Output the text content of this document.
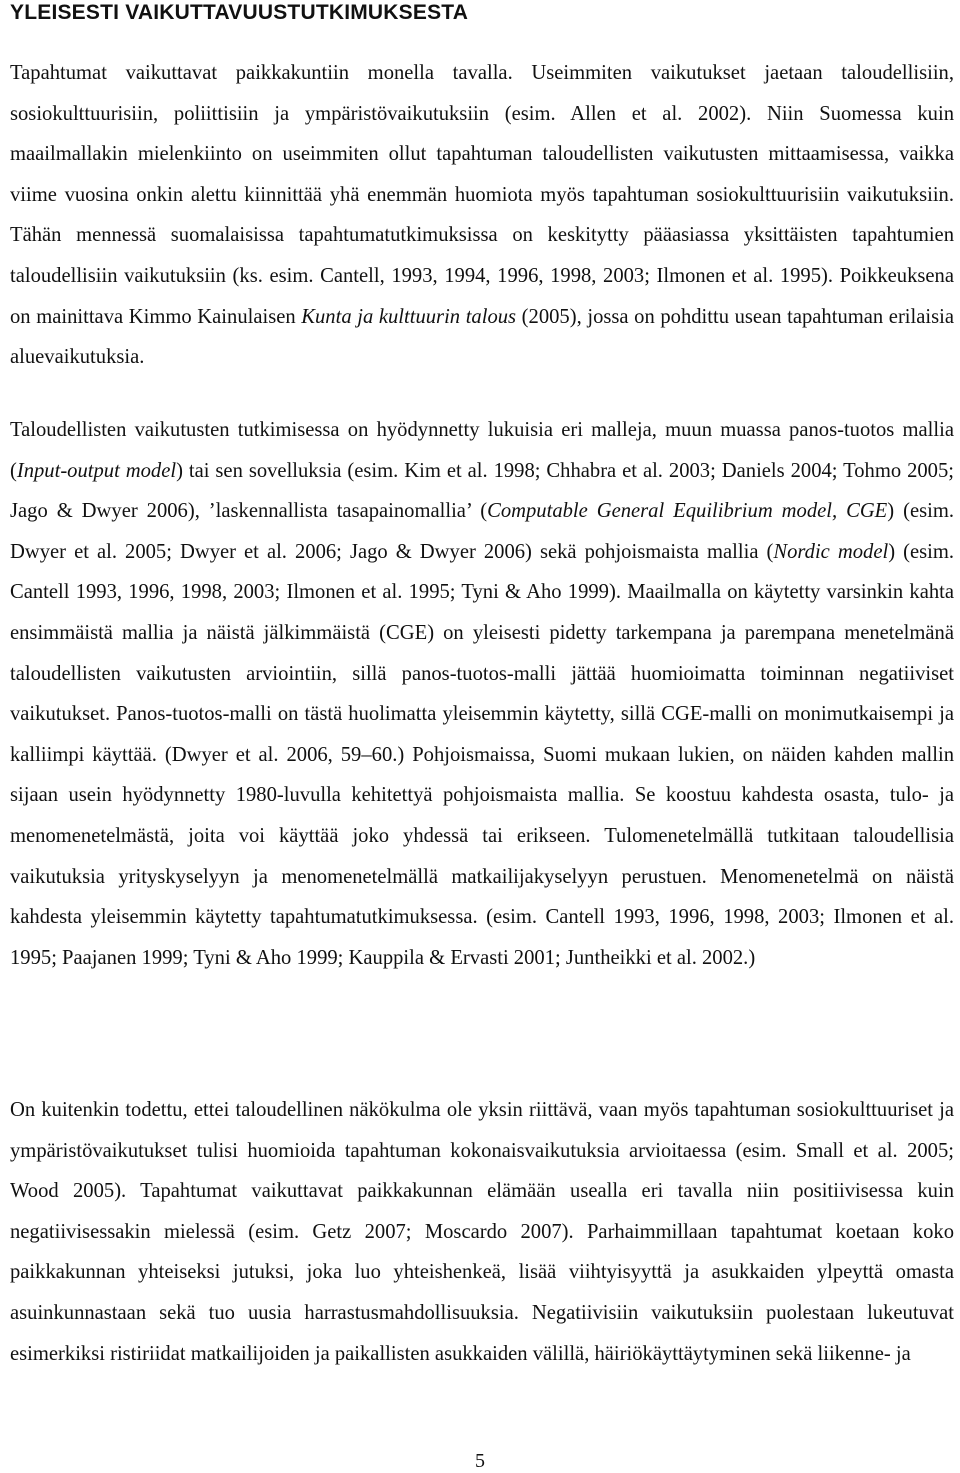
YLEISESTI VAIKUTTAVUUSTUTKIMUKSESTA

Tapahtumat vaikuttavat paikkakuntiin monella tavalla. Useimmiten vaikutukset jaetaan taloudellisiin, sosiokulttuurisiin, poliittisiin ja ympäristövaikutuksiin (esim. Allen et al. 2002). Niin Suomessa kuin maailmallakin mielenkiinto on useimmiten ollut tapahtuman taloudellisten vaikutusten mittaamisessa, vaikka viime vuosina onkin alettu kiinnittää yhä enemmän huomiota myös tapahtuman sosiokulttuurisiin vaikutuksiin. Tähän mennessä suomalaisissa tapahtumatutkimuksissa on keskitytty pääasiassa yksittäisten tapahtumien taloudellisiin vaikutuksiin (ks. esim. Cantell, 1993, 1994, 1996, 1998, 2003; Ilmonen et al. 1995). Poikkeuksena on mainittava Kimmo Kainulaisen Kunta ja kulttuurin talous (2005), jossa on pohdittu usean tapahtuman erilaisia aluevaikutuksia.

Taloudellisten vaikutusten tutkimisessa on hyödynnetty lukuisia eri malleja, muun muassa panos-tuotos mallia (Input-output model) tai sen sovelluksia (esim. Kim et al. 1998; Chhabra et al. 2003; Daniels 2004; Tohmo 2005; Jago & Dwyer 2006), ’laskennallista tasapainomallia’ (Computable General Equilibrium model, CGE) (esim. Dwyer et al. 2005; Dwyer et al. 2006; Jago & Dwyer 2006) sekä pohjoismaista mallia (Nordic model) (esim. Cantell 1993, 1996, 1998, 2003; Ilmonen et al. 1995; Tyni & Aho 1999). Maailmalla on käytetty varsinkin kahta ensimmäistä mallia ja näistä jälkimmäistä (CGE) on yleisesti pidetty tarkempana ja parempana menetelmänä taloudellisten vaikutusten arviointiin, sillä panos-tuotos-malli jättää huomioimatta toiminnan negatiiviset vaikutukset. Panos-tuotos-malli on tästä huolimatta yleisemmin käytetty, sillä CGE-malli on monimutkaisempi ja kalliimpi käyttää. (Dwyer et al. 2006, 59–60.) Pohjoismaissa, Suomi mukaan lukien, on näiden kahden mallin sijaan usein hyödynnetty 1980-luvulla kehitettyä pohjoismaista mallia. Se koostuu kahdesta osasta, tulo- ja menomenetelmästä, joita voi käyttää joko yhdessä tai erikseen. Tulomenetelmällä tutkitaan taloudellisia vaikutuksia yrityskyselyyn ja menomenetelmällä matkailijakyselyyn perustuen. Menomenetelmä on näistä kahdesta yleisemmin käytetty tapahtumatutkimuksessa. (esim. Cantell 1993, 1996, 1998, 2003; Ilmonen et al. 1995; Paajanen 1999; Tyni & Aho 1999; Kauppila & Ervasti 2001; Juntheikki et al. 2002.)

On kuitenkin todettu, ettei taloudellinen näkökulma ole yksin riittävä, vaan myös tapahtuman sosiokulttuuriset ja ympäristövaikutukset tulisi huomioida tapahtuman kokonaisvaikutuksia arvioitaessa (esim. Small et al. 2005; Wood 2005). Tapahtumat vaikuttavat paikkakunnan elämään usealla eri tavalla niin positiivisessa kuin negatiivisessakin mielessä (esim. Getz 2007; Moscardo 2007). Parhaimmillaan tapahtumat koetaan koko paikkakunnan yhteiseksi jutuksi, joka luo yhteishenkeä, lisää viihtyisyyttä ja asukkaiden ylpeyttä omasta asuinkunnastaan sekä tuo uusia harrastusmahdollisuuksia. Negatiivisiin vaikutuksiin puolestaan lukeutuvat esimerkiksi ristiriidat matkailijoiden ja paikallisten asukkaiden välillä, häiriökäyttäytyminen sekä liikenne- ja

5
